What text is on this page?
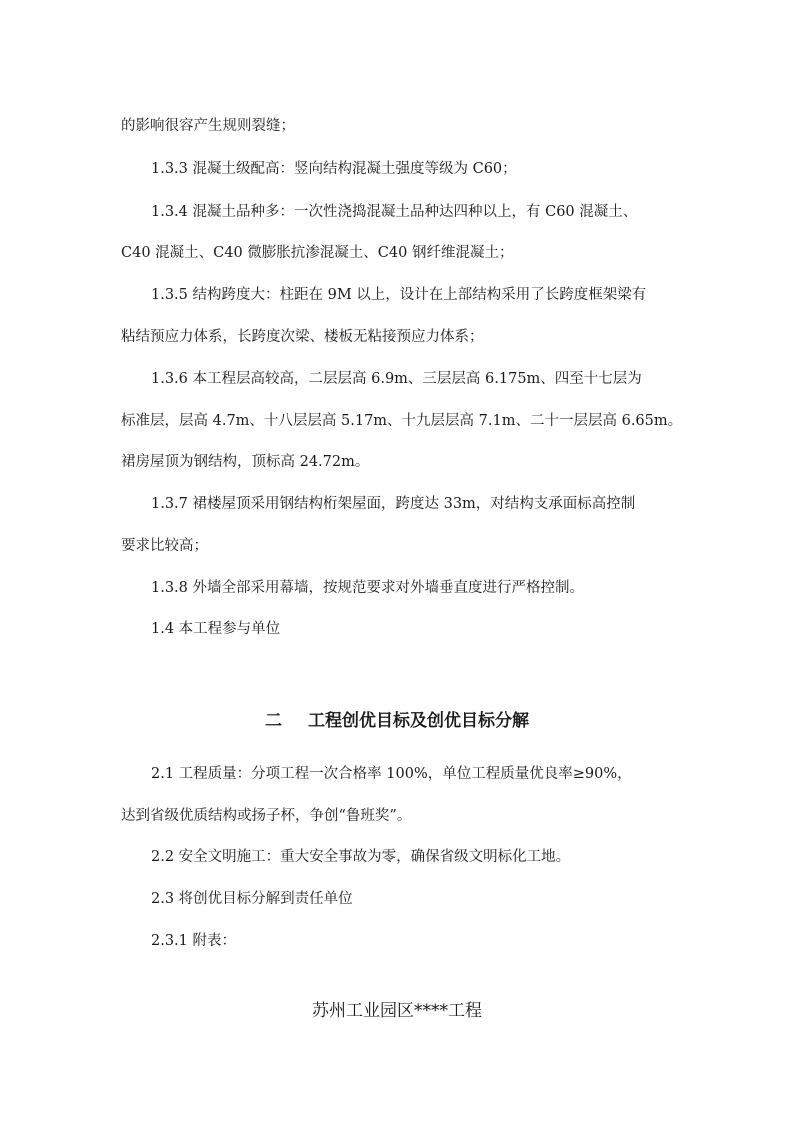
的影响很容产生规则裂缝；
1.3.3 混凝土级配高：竖向结构混凝土强度等级为 C60；
1.3.4 混凝土品种多：一次性浇捣混凝土品种达四种以上，有 C60 混凝土、
C40 混凝土、C40 微膨胀抗渗混凝土、C40 钢纤维混凝土；
1.3.5 结构跨度大：柱距在 9M 以上，设计在上部结构采用了长跨度框架梁有
粘结预应力体系，长跨度次梁、楼板无粘接预应力体系；
1.3.6 本工程层高较高，二层层高 6.9m、三层层高 6.175m、四至十七层为
标准层，层高 4.7m、十八层层高 5.17m、十九层层高 7.1m、二十一层层高 6.65m。
裙房屋顶为钢结构，顶标高 24.72m。
1.3.7 裙楼屋顶采用钢结构桁架屋面，跨度达 33m，对结构支承面标高控制
要求比较高；
1.3.8 外墙全部采用幕墙，按规范要求对外墙垂直度进行严格控制。
1.4 本工程参与单位
二 工程创优目标及创优目标分解
2.1 工程质量：分项工程一次合格率 100%，单位工程质量优良率≥90%，
达到省级优质结构或扬子杯，争创“鲁班奖”。
2.2 安全文明施工：重大安全事故为零，确保省级文明标化工地。
2.3 将创优目标分解到责任单位
2.3.1 附表：
苏州工业园区****工程
